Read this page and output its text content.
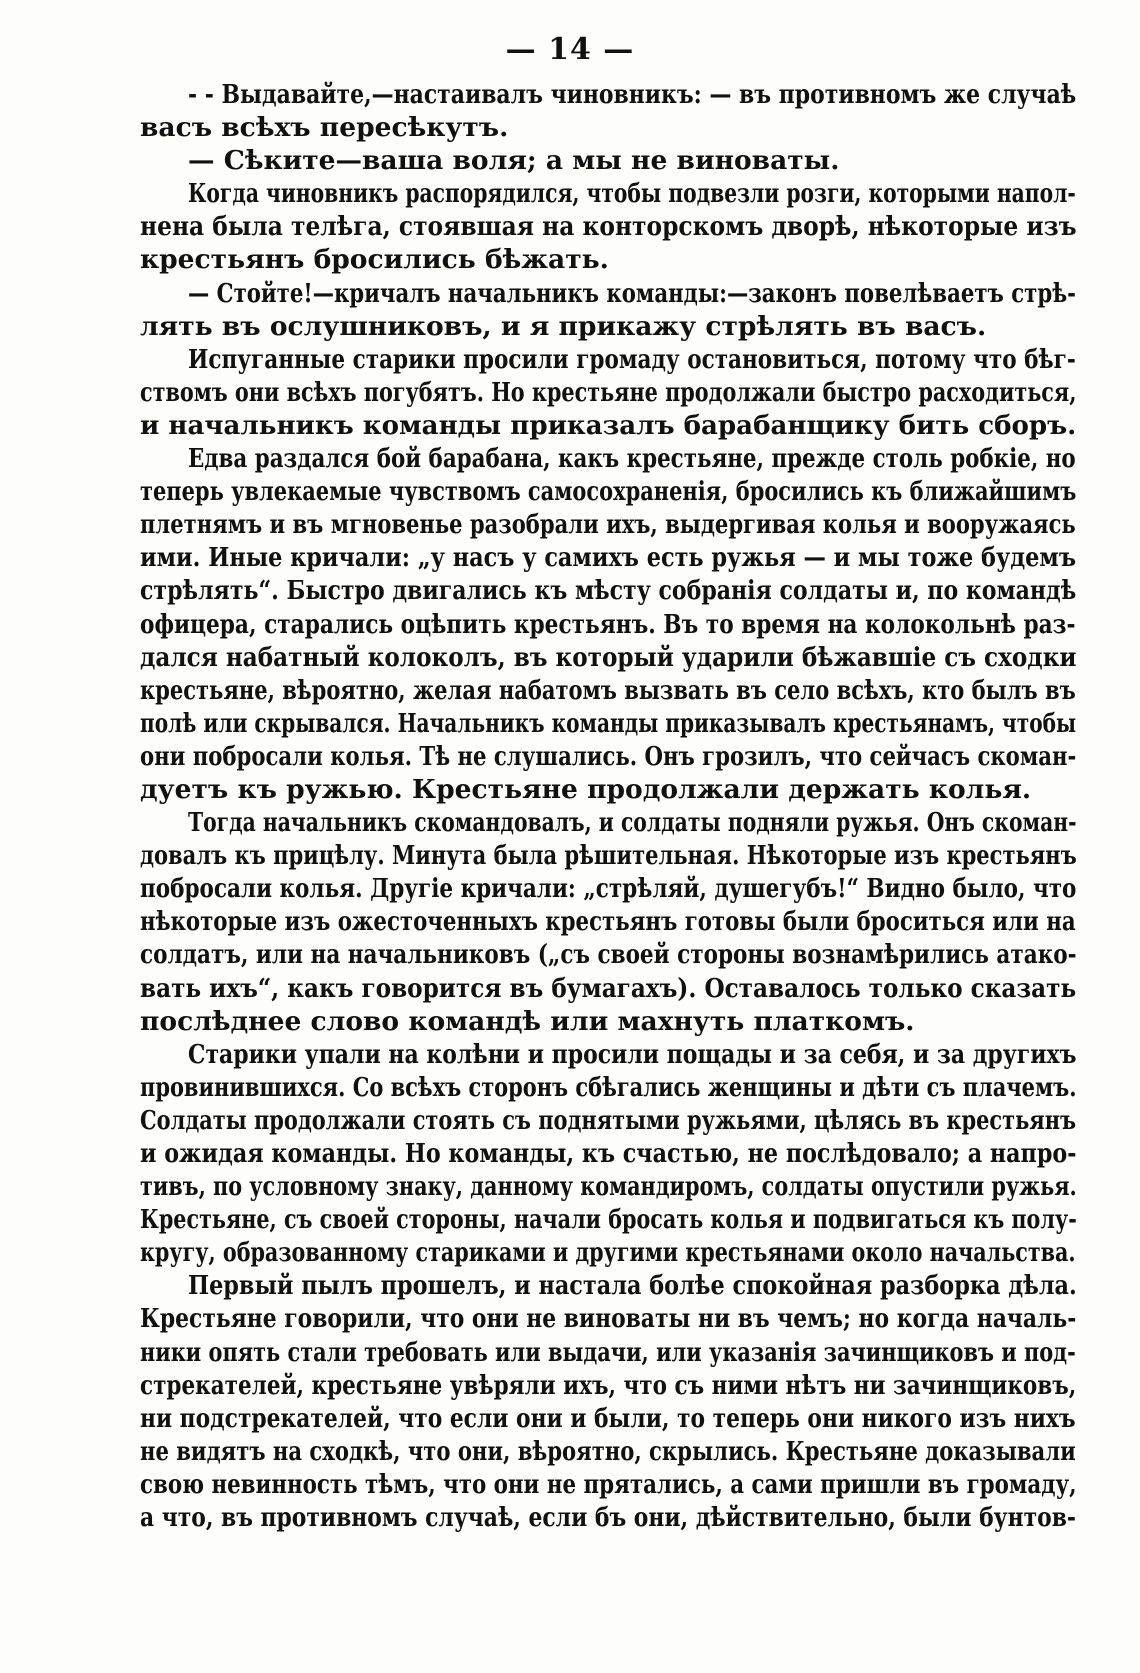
— 14 —
- - Выдавайте,—настаивалъ чиновникъ: — въ противномъ же случаѣ
васъ всѣхъ пересѣкутъ.
— Сѣките—ваша воля; а мы не виноваты.
Когда чиновникъ распорядился, чтобы подвезли розги, которыми напол-
нена была телѣга, стоявшая на конторскомъ дворѣ, нѣкоторые изъ
крестьянъ бросились бѣжать.
— Стойте!—кричалъ начальникъ команды:—законъ повелѣваетъ стрѣ-
лять въ ослушниковъ, и я прикажу стрѣлять въ васъ.
Испуганные старики просили громаду остановиться, потому что бѣг-
ствомъ они всѣхъ погубятъ. Но крестьяне продолжали быстро расходиться,
и начальникъ команды приказалъ барабанщику бить сборъ.
Едва раздался бой барабана, какъ крестьяне, прежде столь робкіе, но
теперь увлекаемые чувствомъ самосохраненія, бросились къ ближайшимъ
плетнямъ и въ мгновенье разобрали ихъ, выдергивая колья и вооружаясь
ими. Иные кричали: „у насъ у самихъ есть ружья — и мы тоже будемъ
стрѣлять“. Быстро двигались къ мѣсту собранія солдаты и, по командѣ
офицера, старались оцѣпить крестьянъ. Въ то время на колокольнѣ раз-
дался набатный колоколъ, въ который ударили бѣжавшіе съ сходки
крестьяне, вѣроятно, желая набатомъ вызвать въ село всѣхъ, кто былъ въ
полѣ или скрывался. Начальникъ команды приказывалъ крестьянамъ, чтобы
они побросали колья. Тѣ не слушались. Онъ грозилъ, что сейчасъ скоман-
дуетъ къ ружью. Крестьяне продолжали держать колья.
Тогда начальникъ скомандовалъ, и солдаты подняли ружья. Онъ скоман-
довалъ къ прицѣлу. Минута была рѣшительная. Нѣкоторые изъ крестьянъ
побросали колья. Другіе кричали: „стрѣляй, душегубъ!“ Видно было, что
нѣкоторые изъ ожесточенныхъ крестьянъ готовы были броситься или на
солдатъ, или на начальниковъ („съ своей стороны вознамѣрились атако-
вать ихъ“, какъ говорится въ бумагахъ). Оставалось только сказать
послѣднее слово командѣ или махнуть платкомъ.
Старики упали на колѣни и просили пощады и за себя, и за другихъ
провинившихся. Со всѣхъ сторонъ сбѣгались женщины и дѣти съ плачемъ.
Солдаты продолжали стоять съ поднятыми ружьями, цѣлясь въ крестьянъ
и ожидая команды. Но команды, къ счастью, не послѣдовало; а напро-
тивъ, по условному знаку, данному командиромъ, солдаты опустили ружья.
Крестьяне, съ своей стороны, начали бросать колья и подвигаться къ полу-
кругу, образованному стариками и другими крестьянами около начальства.
Первый пылъ прошелъ, и настала болѣе спокойная разборка дѣла.
Крестьяне говорили, что они не виноваты ни въ чемъ; но когда началь-
ники опять стали требовать или выдачи, или указанія зачинщиковъ и под-
стрекателей, крестьяне увѣряли ихъ, что съ ними нѣтъ ни зачинщиковъ,
ни подстрекателей, что если они и были, то теперь они никого изъ нихъ
не видятъ на сходкѣ, что они, вѣроятно, скрылись. Крестьяне доказывали
свою невинность тѣмъ, что они не прятались, а сами пришли въ громаду,
а что, въ противномъ случаѣ, если бъ они, дѣйствительно, были бунтов-
